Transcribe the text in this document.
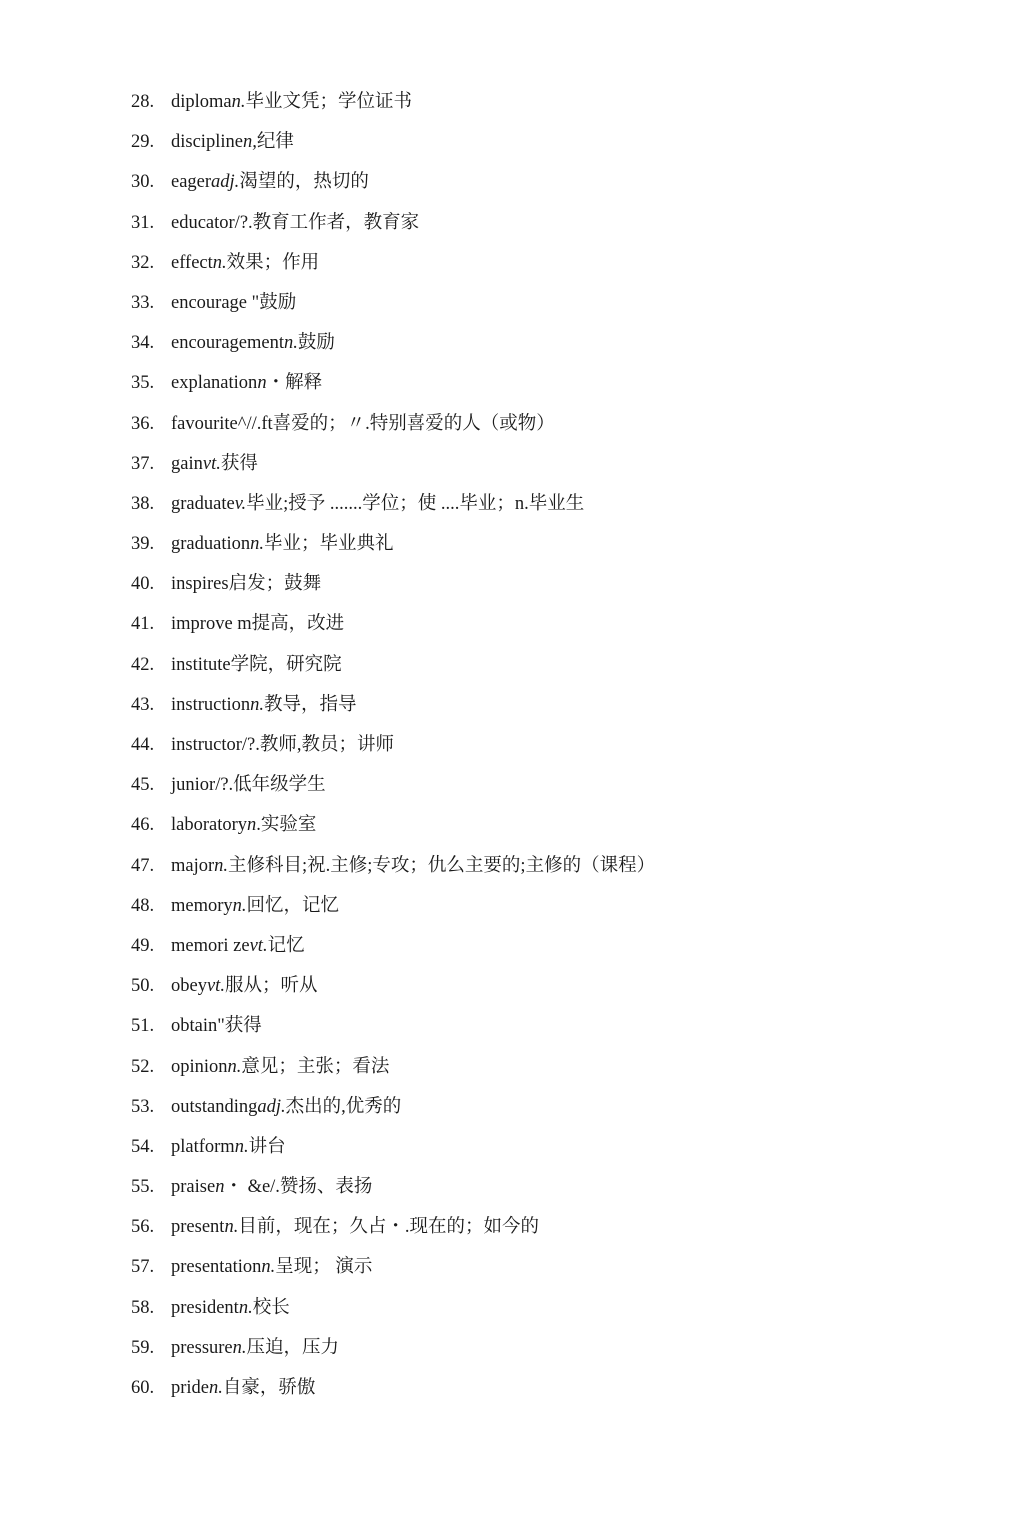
28. diploma n. 毕业文凭；学位证书
29. discipline n, 纪律
30. eager adj. 渴望的，热切的
31. educator/?. 教育工作者，教育家
32. effect n. 效果；作用
33. encourage " 鼓励
34. encouragement n. 鼓励
35. explanation n ・解释
36. favourite^//.ft 喜爱的；〃.特别喜爱的人（或物）
37. gain vt. 获得
38. graduate v. 毕业;授予 .......学位；使 ....毕业；n.毕业生
39. graduation n. 毕业；毕业典礼
40. inspires 启发；鼓舞
41. improve m 提高，改进
42. institute 学院，研究院
43. instruction n. 教导，指导
44. instructor/?. 教师,教员；讲师
45. junior/?. 低年级学生
46. laboratory n .实验室
47. major n. 主修科目;祝.主修;专攻；仇么主要的;主修的（课程）
48. memory n. 回忆，记忆
49. memori ze vt. 记忆
50. obey vt. 服从；听从
51. obtain" 获得
52. opinion n. 意见；主张；看法
53. outstanding adj. 杰出的,优秀的
54. platform n. 讲台
55. praise n ・ &e/.赞扬、表扬
56. present n. 目前，现在；久占・.现在的；如今的
57. presentation n. 呈现； 演示
58. president n. 校长
59. pressure n. 压迫，压力
60. pride n. 自豪，骄傲
